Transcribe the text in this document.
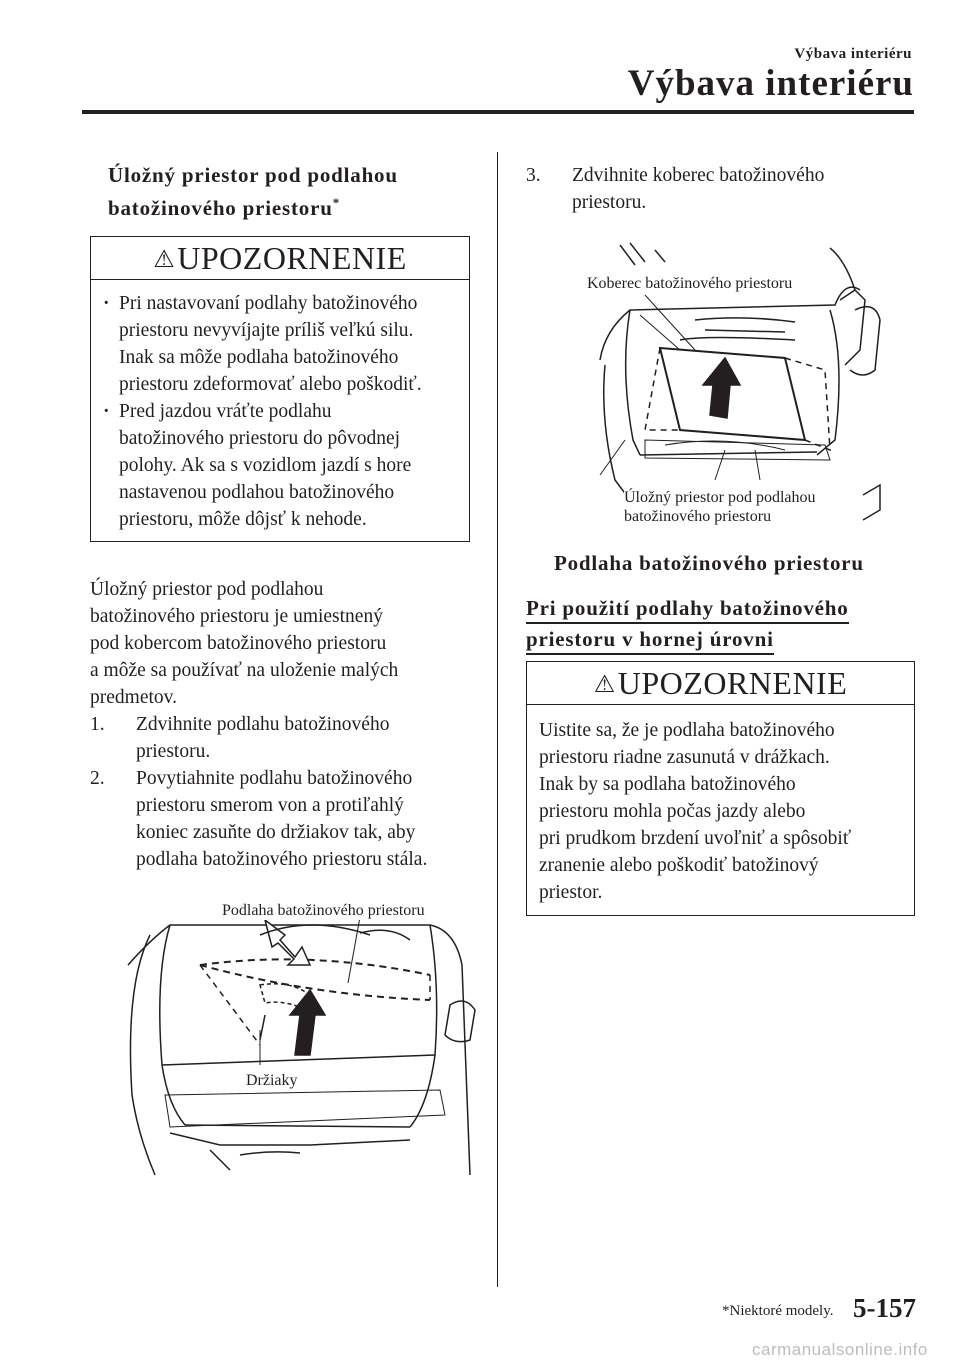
Výbava interiéru
Výbava interiéru
Úložný priestor pod podlahou
batožinového priestoru*
⚠UPOZORNENIE
· Pri nastavovaní podlahy batožinového
priestoru nevyvíjajte príliš veľkú silu.
Inak sa môže podlaha batožinového
priestoru zdeformovať alebo poškodiť.
· Pred jazdou vráťte podlahu
batožinového priestoru do pôvodnej
polohy. Ak sa s vozidlom jazdí s hore
nastavenou podlahou batožinového
priestoru, môže dôjsť k nehode.
Úložný priestor pod podlahou
batožinového priestoru je umiestnený
pod kobercom batožinového priestoru
a môže sa používať na uloženie malých
predmetov.
1. Zdvihnite podlahu batožinového
priestoru.
2. Povytiahnite podlahu batožinového
priestoru smerom von a protiľahlý
koniec zasuňte do držiakov tak, aby
podlaha batožinového priestoru stála.
Podlaha batožinového priestoru
Držiaky
3. Zdvihnite koberec batožinového
priestoru.
Koberec batožinového priestoru
Úložný priestor pod podlahou
batožinového priestoru
Podlaha batožinového priestoru
Pri použití podlahy batožinového
priestoru v hornej úrovni
⚠UPOZORNENIE
Uistite sa, že je podlaha batožinového
priestoru riadne zasunutá v drážkach.
Inak by sa podlaha batožinového
priestoru mohla počas jazdy alebo
pri prudkom brzdení uvoľniť a spôsobiť
zranenie alebo poškodiť batožinový
priestor.
*Niektoré modely. 5-157
carmanualsonline.info
